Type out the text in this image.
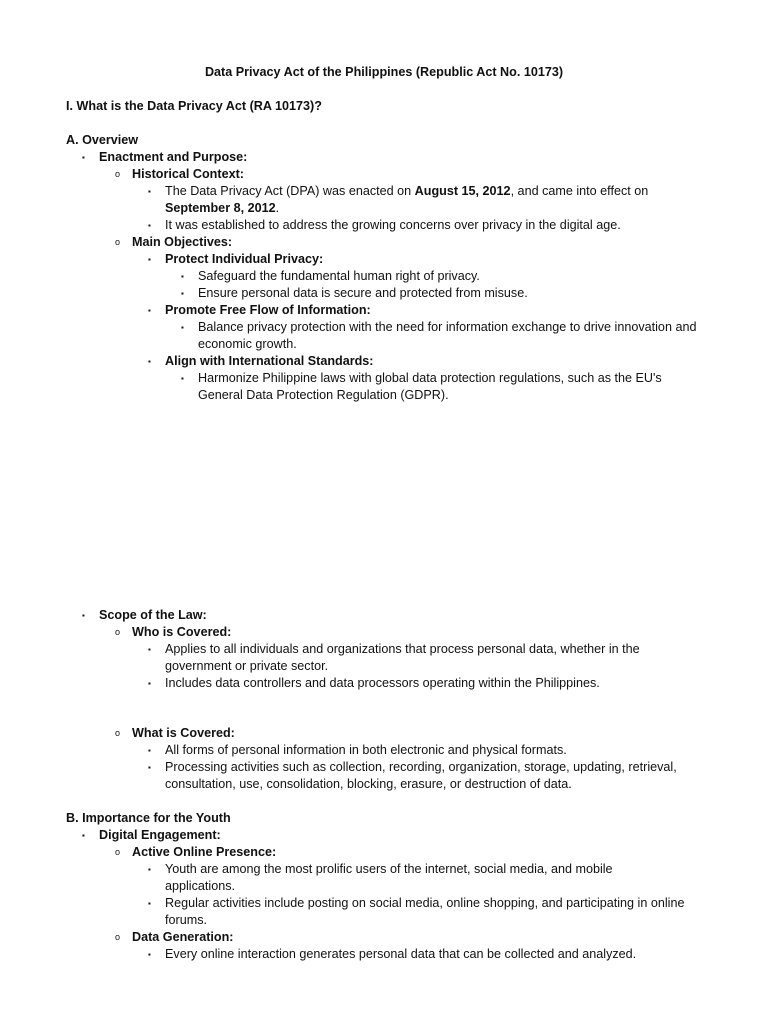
Data Privacy Act of the Philippines (Republic Act No. 10173)
I. What is the Data Privacy Act (RA 10173)?
A. Overview
▪ Enactment and Purpose:
o Historical Context:
▪ The Data Privacy Act (DPA) was enacted on August 15, 2012, and came into effect on September 8, 2012.
▪ It was established to address the growing concerns over privacy in the digital age.
o Main Objectives:
▪ Protect Individual Privacy:
▪ Safeguard the fundamental human right of privacy.
▪ Ensure personal data is secure and protected from misuse.
▪ Promote Free Flow of Information:
▪ Balance privacy protection with the need for information exchange to drive innovation and economic growth.
▪ Align with International Standards:
▪ Harmonize Philippine laws with global data protection regulations, such as the EU's General Data Protection Regulation (GDPR).
▪ Scope of the Law:
o Who is Covered:
▪ Applies to all individuals and organizations that process personal data, whether in the government or private sector.
▪ Includes data controllers and data processors operating within the Philippines.
o What is Covered:
▪ All forms of personal information in both electronic and physical formats.
▪ Processing activities such as collection, recording, organization, storage, updating, retrieval, consultation, use, consolidation, blocking, erasure, or destruction of data.
B. Importance for the Youth
▪ Digital Engagement:
o Active Online Presence:
▪ Youth are among the most prolific users of the internet, social media, and mobile applications.
▪ Regular activities include posting on social media, online shopping, and participating in online forums.
o Data Generation:
▪ Every online interaction generates personal data that can be collected and analyzed.
